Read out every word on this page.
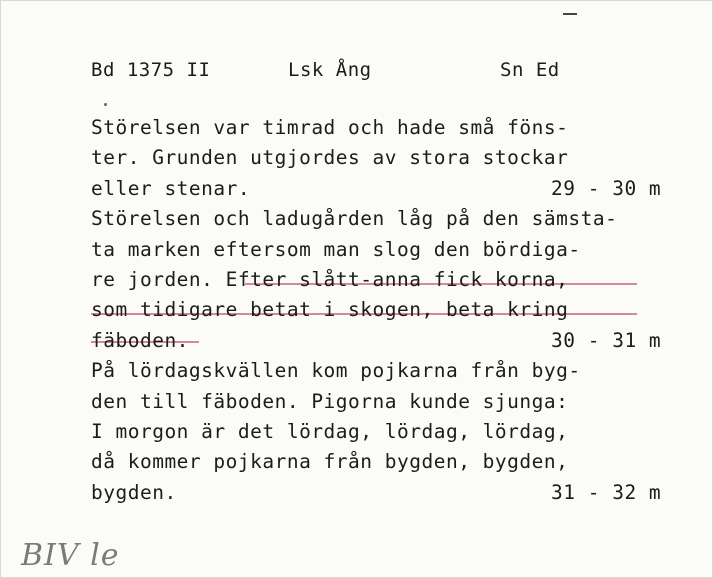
Bd 1375 II	Lsk Ång	Sn Ed
Störelsen var timrad och hade små föns-
ter. Grunden utgjordes av stora stockar
eller stenar.	29 - 30 m
Störelsen och ladugården låg på den sämsta-
ta marken eftersom man slog den bördiga-
re jorden. Efter slått-anna fick korna,
som tidigare betat i skogen, beta kring
fäboden.	30 - 31 m
På lördagskvällen kom pojkarna från byg-
den till fäboden. Pigorna kunde sjunga:
I morgon är det lördag, lördag, lördag,
då kommer pojkarna från bygden, bygden,
bygden.	31 - 32 m
BIV le
